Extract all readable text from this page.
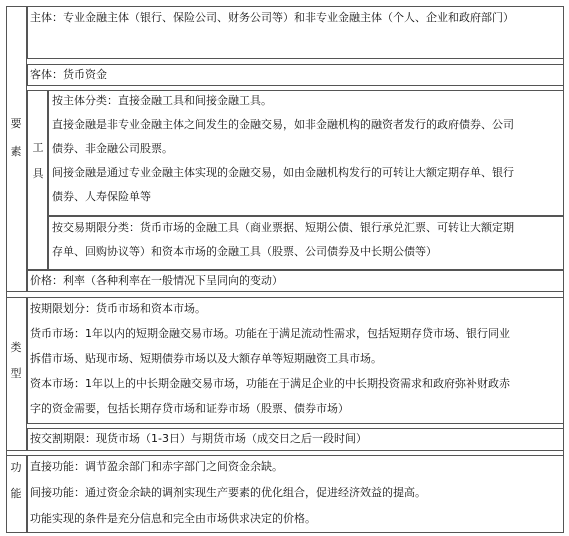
要
素
主体：专业金融主体（银行、保险公司、财务公司等）和非专业金融主体（个人、企业和政府部门）
客体：货币资金
工
具
按主体分类：直接金融工具和间接金融工具。
直接金融是非专业金融主体之间发生的金融交易，如非金融机构的融资者发行的政府债券、公司
债券、非金融公司股票。
间接金融是通过专业金融主体实现的金融交易，如由金融机构发行的可转让大额定期存单、银行
债券、人寿保险单等
按交易期限分类：货币市场的金融工具（商业票据、短期公债、银行承兑汇票、可转让大额定期
存单、回购协议等）和资本市场的金融工具（股票、公司债券及中长期公债等）
价格：利率（各种利率在一般情况下呈同向的变动）
类
型
按期限划分：货币市场和资本市场。
货币市场：1年以内的短期金融交易市场。功能在于满足流动性需求，包括短期存贷市场、银行同业
拆借市场、贴现市场、短期债券市场以及大额存单等短期融资工具市场。
资本市场：1年以上的中长期金融交易市场，功能在于满足企业的中长期投资需求和政府弥补财政赤
字的资金需要，包括长期存贷市场和证券市场（股票、债券市场）
按交割期限：现货市场（1-3日）与期货市场（成交日之后一段时间）
功
能
直接功能：调节盈余部门和赤字部门之间资金余缺。
间接功能：通过资金余缺的调剂实现生产要素的优化组合，促进经济效益的提高。
功能实现的条件是充分信息和完全由市场供求决定的价格。
